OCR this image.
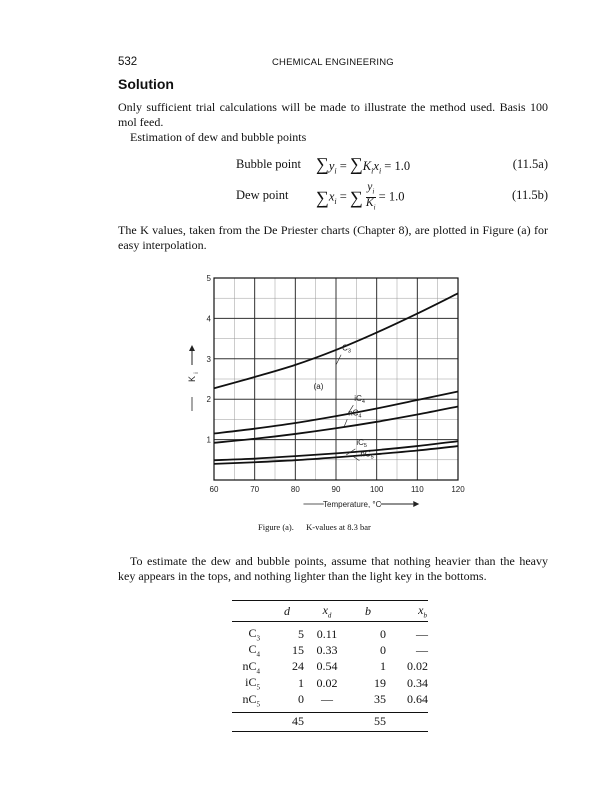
532	CHEMICAL ENGINEERING
Solution

Only sufficient trial calculations will be made to illustrate the method used. Basis 100 mol feed.

Estimation of dew and bubble points

Bubble point $\sum y_i = \sum K_ix_i = 1.0$	(11.5a)
Dew point $\sum x_i$ = ∑ $\frac{y_i}{K_i} = 1.0$	(11.5b)

The K values, taken from the De Priester charts (Chapter 8), are plotted in Figure (a) for easy interpolation.

60	70	80	90	100	110	120
1
2
3
4
5
Temperature, °C
K
i
(a)
$C_3$
$iC_4$
$nC_4$
$iC_5$
$nC_5$
Figure (a). K-values at 8.3 bar

To estimate the dew and bubble points, assume that nothing heavier than the heavy key appears in the tops, and nothing lighter than the light key in the bottoms.

	d	$x_d$	b	$x_b$
$C_3$	5	0.11	0	—
$C_4$	15	0.33	0	—
$nC_4$	24	0.54	1	0.02
$iC_5$	1	0.02	19	0.34
$nC_5$	0	—	35	0.64
	45		55	
